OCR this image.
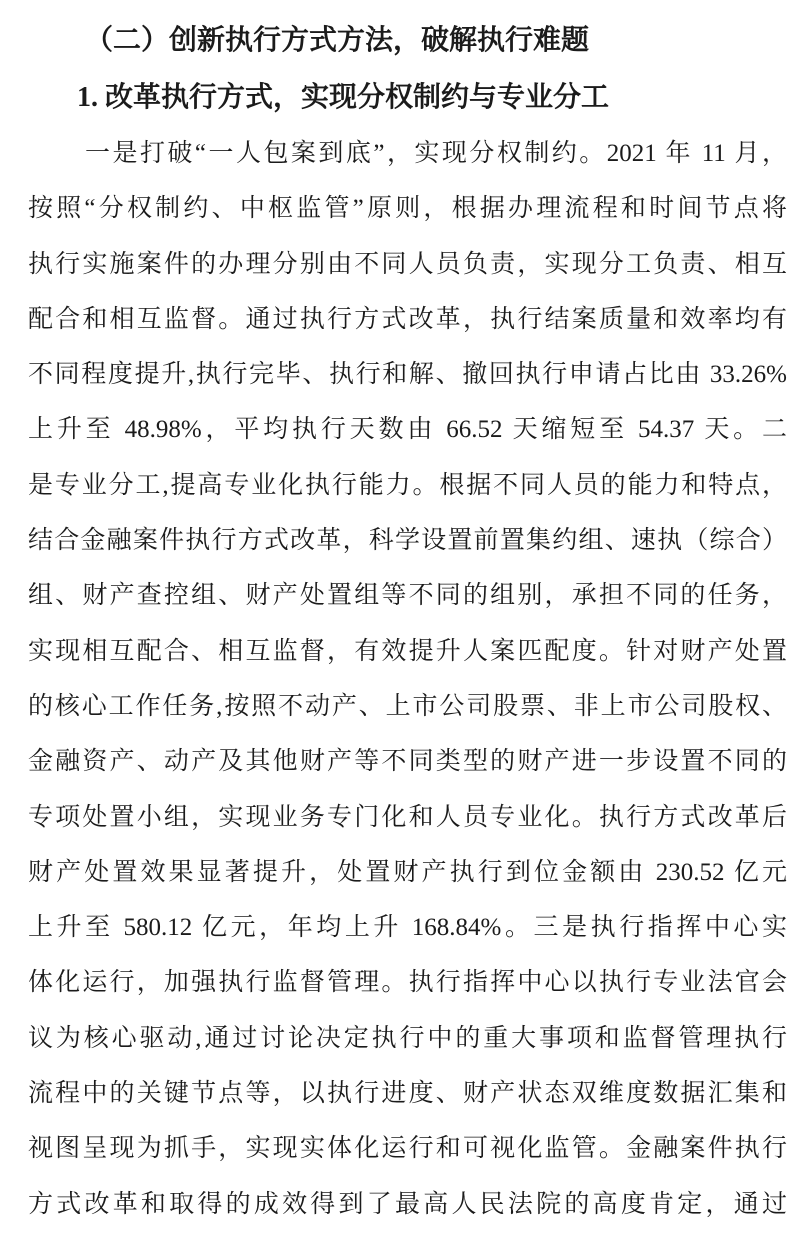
（二）创新执行方式方法，破解执行难题
1. 改革执行方式，实现分权制约与专业分工
一是打破“一人包案到底”，实现分权制约。2021 年 11 月，
按照“分权制约、中枢监管”原则，根据办理流程和时间节点将
执行实施案件的办理分别由不同人员负责，实现分工负责、相互
配合和相互监督。通过执行方式改革，执行结案质量和效率均有
不同程度提升,执行完毕、执行和解、撤回执行申请占比由 33.26%
上升至 48.98%，平均执行天数由 66.52 天缩短至 54.37 天。二
是专业分工,提高专业化执行能力。根据不同人员的能力和特点，
结合金融案件执行方式改革，科学设置前置集约组、速执（综合）
组、财产查控组、财产处置组等不同的组别，承担不同的任务，
实现相互配合、相互监督，有效提升人案匹配度。针对财产处置
的核心工作任务,按照不动产、上市公司股票、非上市公司股权、
金融资产、动产及其他财产等不同类型的财产进一步设置不同的
专项处置小组，实现业务专门化和人员专业化。执行方式改革后
财产处置效果显著提升，处置财产执行到位金额由 230.52 亿元
上升至 580.12 亿元，年均上升 168.84%。三是执行指挥中心实
体化运行，加强执行监督管理。执行指挥中心以执行专业法官会
议为核心驱动,通过讨论决定执行中的重大事项和监督管理执行
流程中的关键节点等，以执行进度、财产状态双维度数据汇集和
视图呈现为抓手，实现实体化运行和可视化监管。金融案件执行
方式改革和取得的成效得到了最高人民法院的高度肯定，通过
